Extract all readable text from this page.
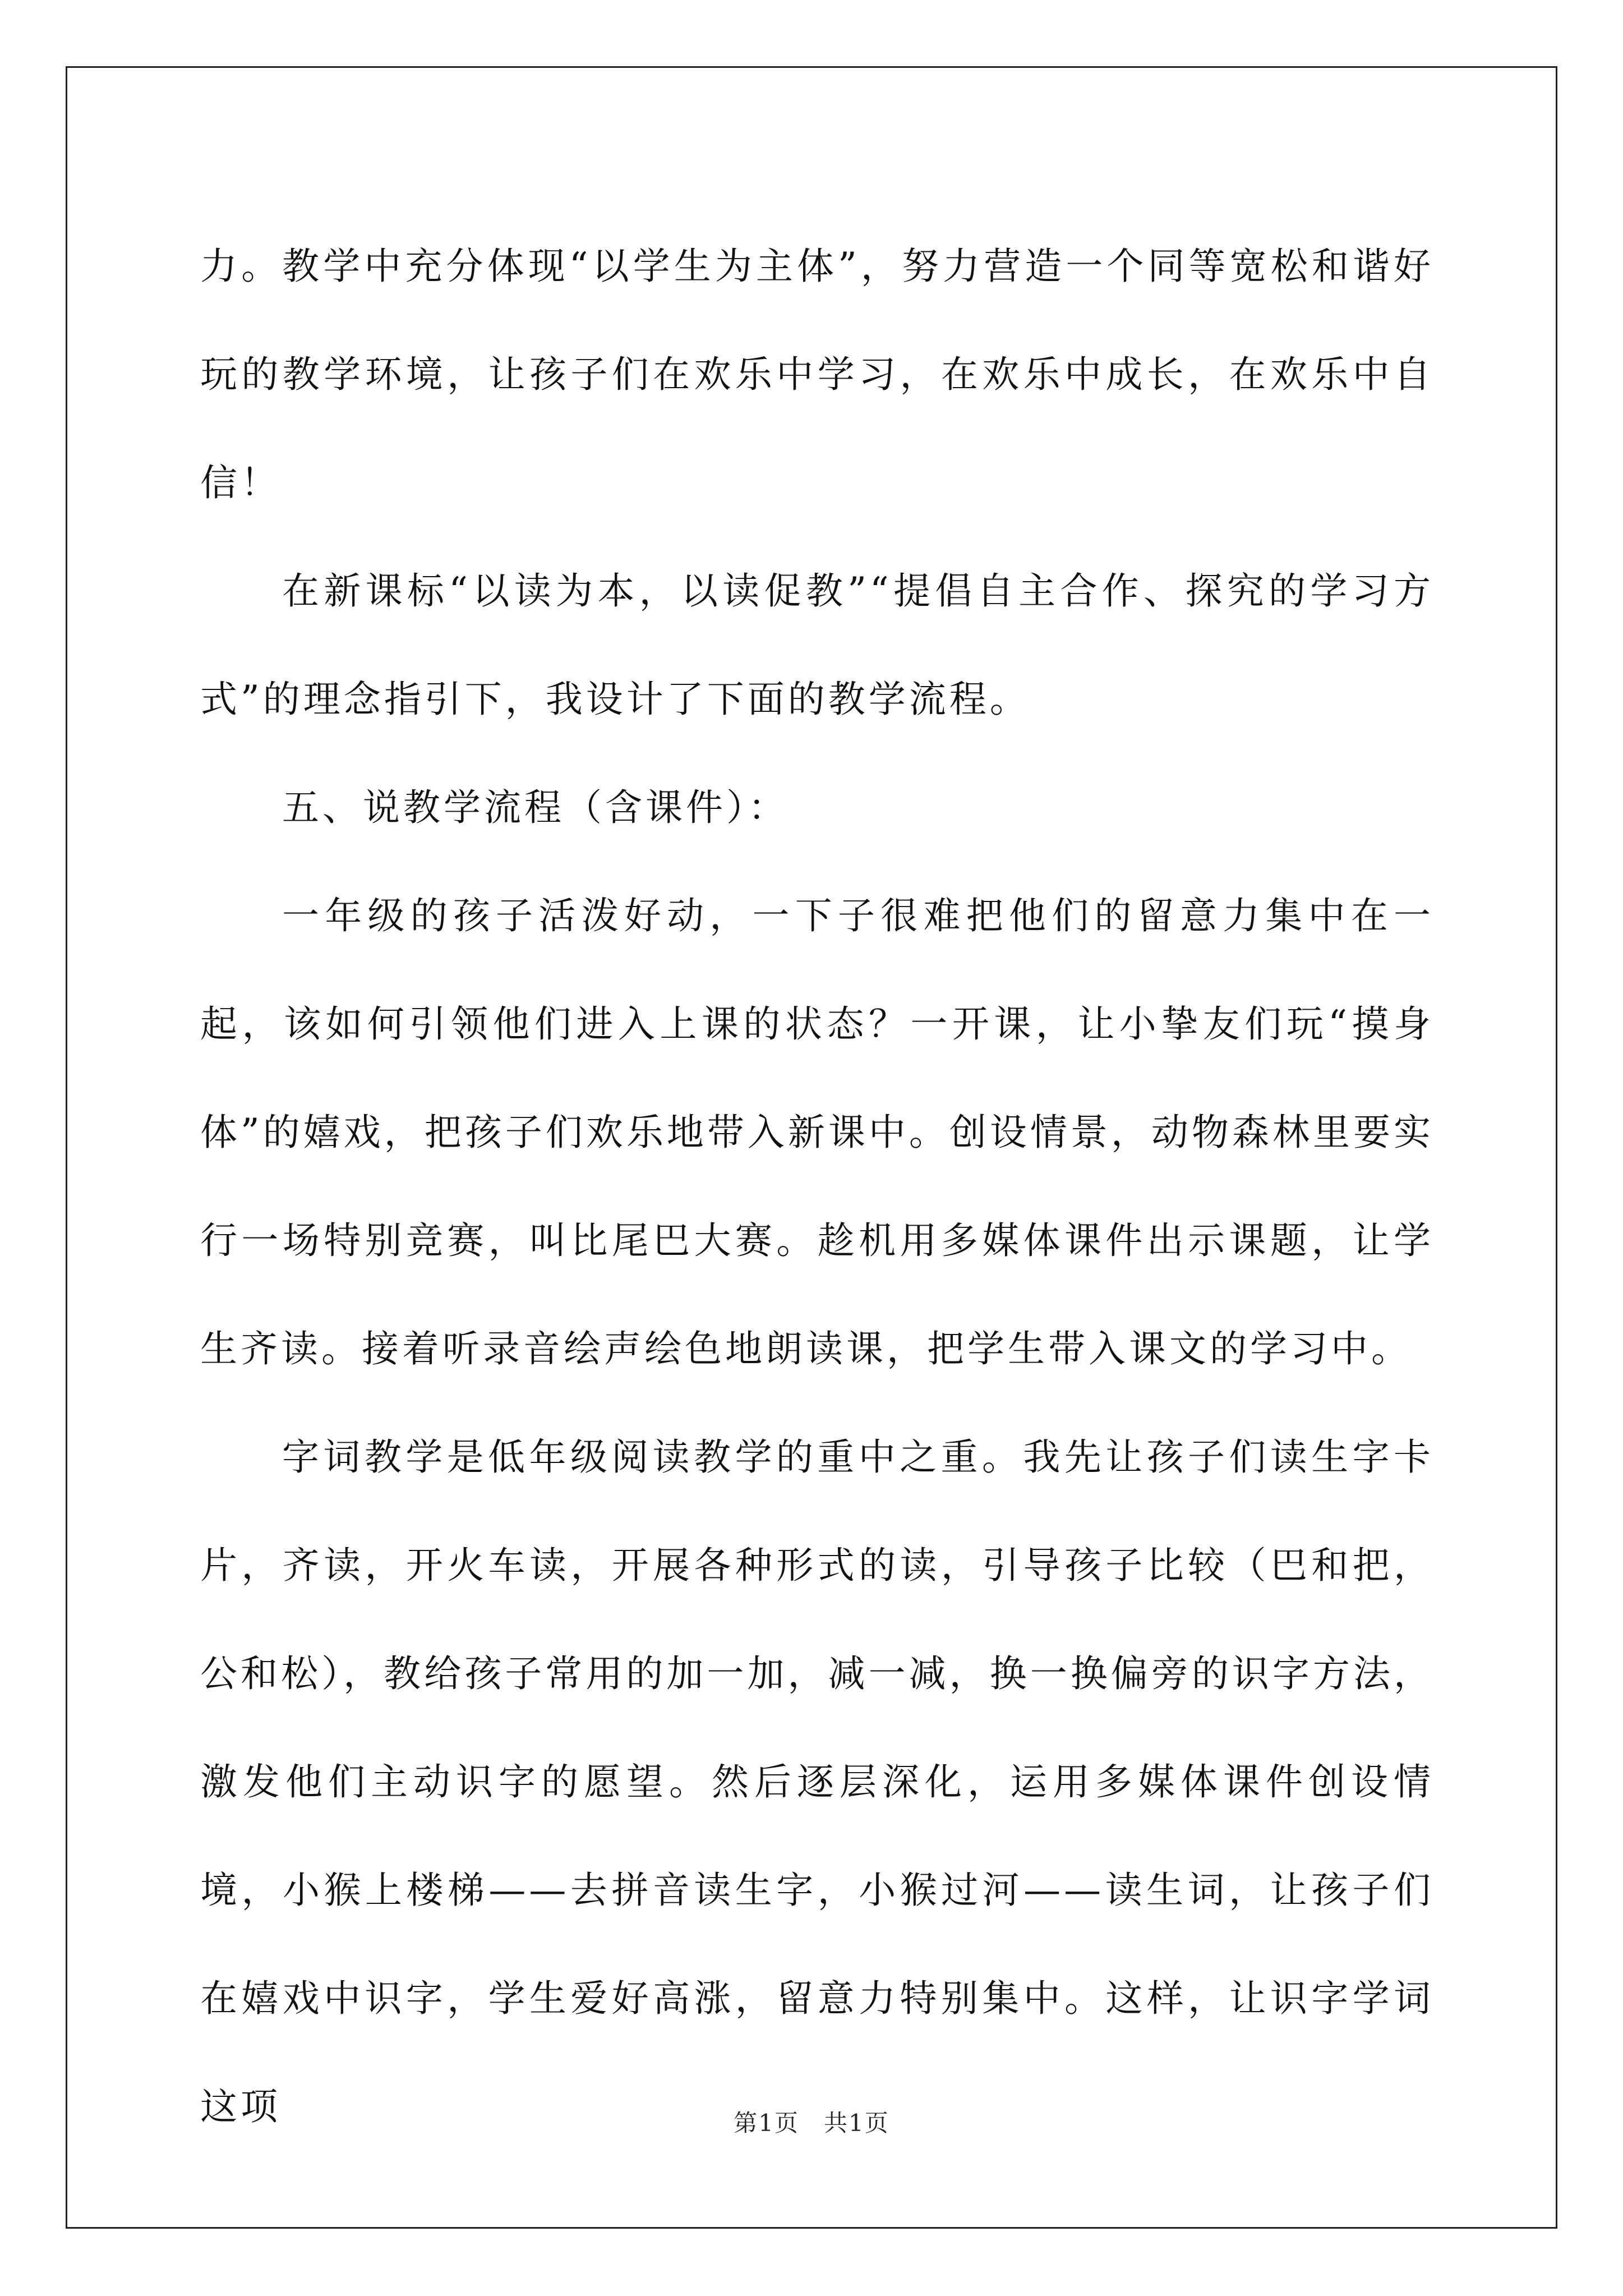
力。教学中充分体现“以学生为主体”，努力营造一个同等宽松和谐好玩的教学环境，让孩子们在欢乐中学习，在欢乐中成长，在欢乐中自信！

在新课标“以读为本，以读促教”“提倡自主合作、探究的学习方式”的理念指引下，我设计了下面的教学流程。

五、说教学流程（含课件）：

一年级的孩子活泼好动，一下子很难把他们的留意力集中在一起，该如何引领他们进入上课的状态？一开课，让小挚友们玩“摸身体”的嬉戏，把孩子们欢乐地带入新课中。创设情景，动物森林里要实行一场特别竞赛，叫比尾巴大赛。趁机用多媒体课件出示课题，让学生齐读。接着听录音绘声绘色地朗读课，把学生带入课文的学习中。

字词教学是低年级阅读教学的重中之重。我先让孩子们读生字卡片，齐读，开火车读，开展各种形式的读，引导孩子比较（巴和把，公和松），教给孩子常用的加一加，减一减，换一换偏旁的识字方法，激发他们主动识字的愿望。然后逐层深化，运用多媒体课件创设情境，小猴上楼梯——去拼音读生字，小猴过河——读生词，让孩子们在嬉戏中识字，学生爱好高涨，留意力特别集中。这样，让识字学词这项	第1页　共1页
